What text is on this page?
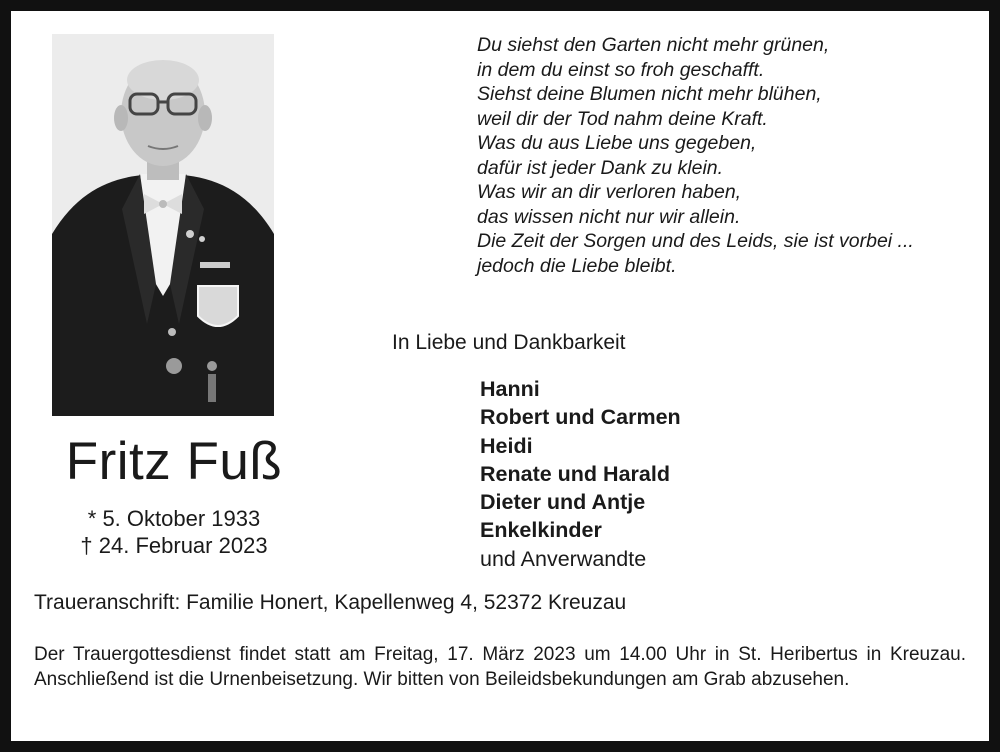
Fritz Fuß
* 5. Oktober 1933
† 24. Februar 2023
Du siehst den Garten nicht mehr grünen,
in dem du einst so froh geschafft.
Siehst deine Blumen nicht mehr blühen,
weil dir der Tod nahm deine Kraft.
Was du aus Liebe uns gegeben,
dafür ist jeder Dank zu klein.
Was wir an dir verloren haben,
das wissen nicht nur wir allein.
Die Zeit der Sorgen und des Leids, sie ist vorbei ...
jedoch die Liebe bleibt.
In Liebe und Dankbarkeit
Hanni
Robert und Carmen
Heidi
Renate und Harald
Dieter und Antje
Enkelkinder
und Anverwandte
Traueranschrift: Familie Honert, Kapellenweg 4, 52372 Kreuzau
Der Trauergottesdienst findet statt am Freitag, 17. März 2023 um 14.00 Uhr in St. Heribertus in Kreuzau. Anschließend ist die Urnenbeisetzung. Wir bitten von Beileidsbekundungen am Grab abzusehen.
